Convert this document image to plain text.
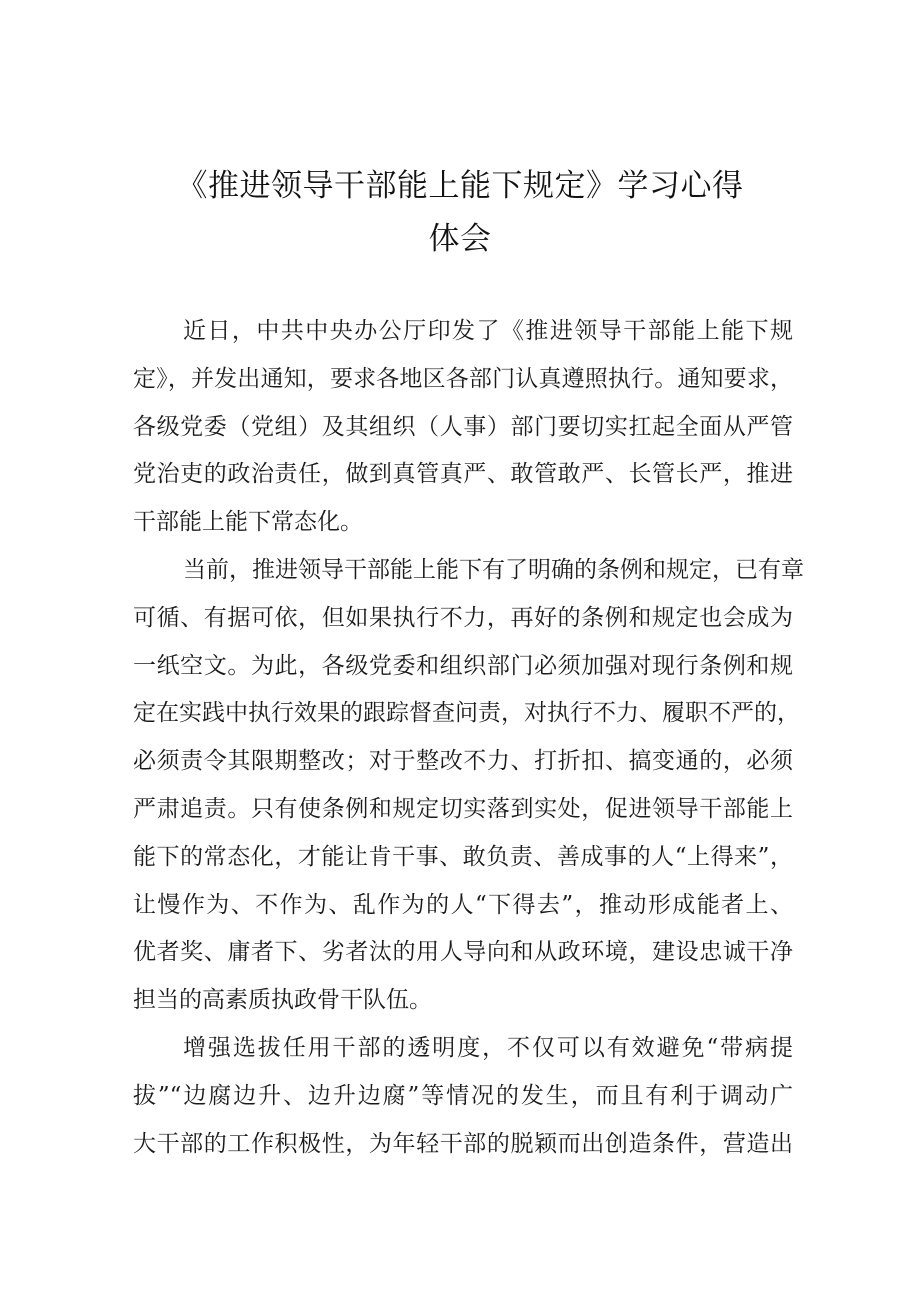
《推进领导干部能上能下规定》学习心得
体会
近日，中共中央办公厅印发了《推进领导干部能上能下规
定》，并发出通知，要求各地区各部门认真遵照执行。通知要求，
各级党委（党组）及其组织（人事）部门要切实扛起全面从严管
党治吏的政治责任，做到真管真严、敢管敢严、长管长严，推进
干部能上能下常态化。
当前，推进领导干部能上能下有了明确的条例和规定，已有章
可循、有据可依，但如果执行不力，再好的条例和规定也会成为
一纸空文。为此，各级党委和组织部门必须加强对现行条例和规
定在实践中执行效果的跟踪督查问责，对执行不力、履职不严的，
必须责令其限期整改；对于整改不力、打折扣、搞变通的，必须
严肃追责。只有使条例和规定切实落到实处，促进领导干部能上
能下的常态化，才能让肯干事、敢负责、善成事的人“上得来”，
让慢作为、不作为、乱作为的人“下得去”，推动形成能者上、
优者奖、庸者下、劣者汰的用人导向和从政环境，建设忠诚干净
担当的高素质执政骨干队伍。
增强选拔任用干部的透明度，不仅可以有效避免“带病提
拔”“边腐边升、边升边腐”等情况的发生，而且有利于调动广
大干部的工作积极性，为年轻干部的脱颖而出创造条件，营造出
